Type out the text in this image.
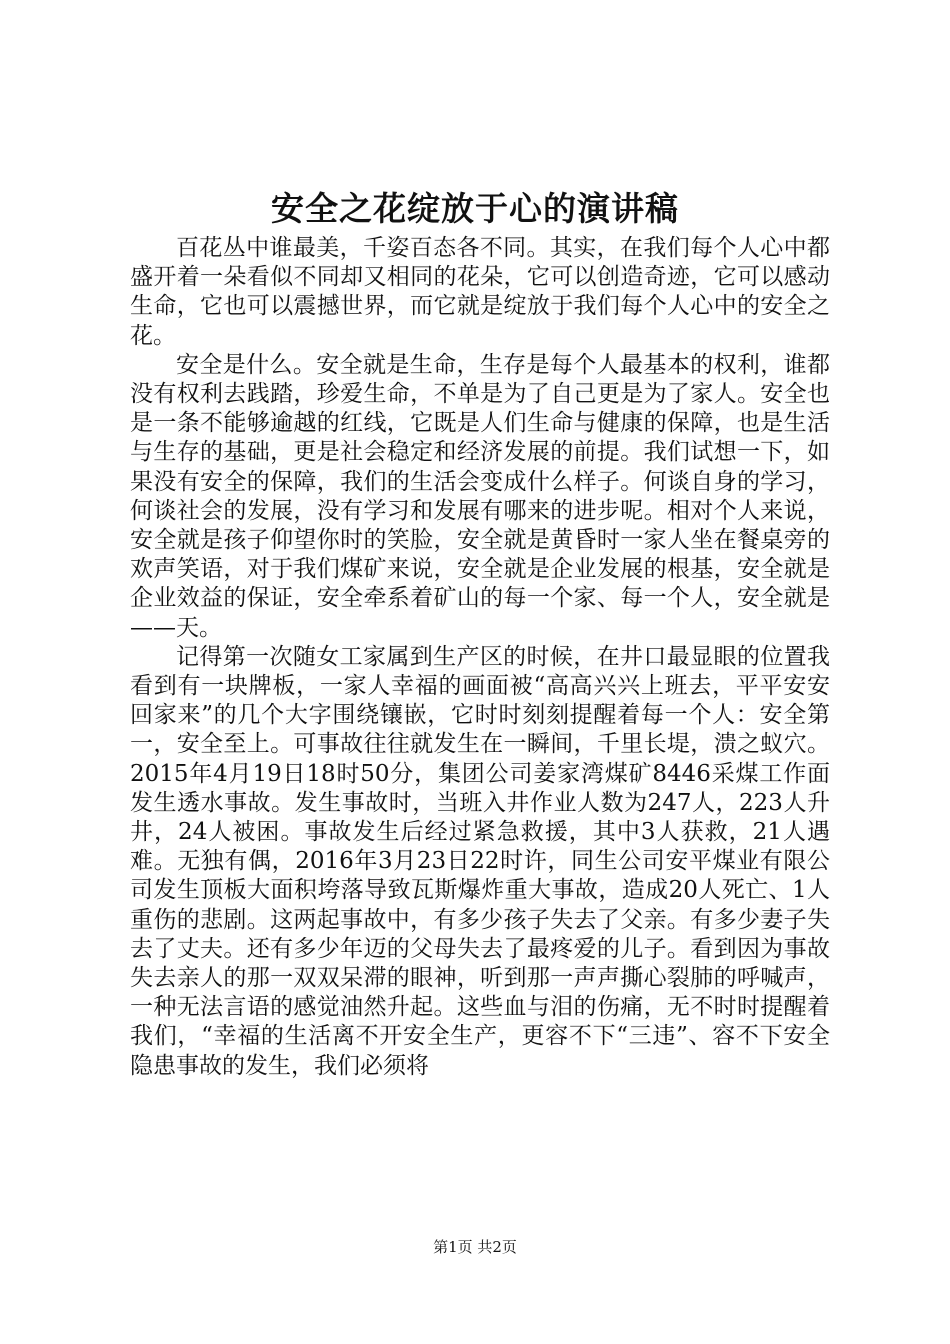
安全之花绽放于心的演讲稿

百花丛中谁最美，千姿百态各不同。其实，在我们每个人心中都盛开着一朵看似不同却又相同的花朵，它可以创造奇迹，它可以感动生命，它也可以震撼世界，而它就是绽放于我们每个人心中的安全之花。

安全是什么。安全就是生命，生存是每个人最基本的权利，谁都没有权利去践踏，珍爱生命，不单是为了自己更是为了家人。安全也是一条不能够逾越的红线，它既是人们生命与健康的保障，也是生活与生存的基础，更是社会稳定和经济发展的前提。我们试想一下，如果没有安全的保障，我们的生活会变成什么样子。何谈自身的学习，何谈社会的发展，没有学习和发展有哪来的进步呢。相对个人来说，安全就是孩子仰望你时的笑脸，安全就是黄昏时一家人坐在餐桌旁的欢声笑语，对于我们煤矿来说，安全就是企业发展的根基，安全就是企业效益的保证，安全牵系着矿山的每一个家、每一个人，安全就是——天。

记得第一次随女工家属到生产区的时候，在井口最显眼的位置我看到有一块牌板，一家人幸福的画面被“高高兴兴上班去，平平安安回家来”的几个大字围绕镶嵌，它时时刻刻提醒着每一个人：安全第一，安全至上。可事故往往就发生在一瞬间，千里长堤，溃之蚁穴。2015年4月19日18时50分，集团公司姜家湾煤矿8446采煤工作面发生透水事故。发生事故时，当班入井作业人数为247人，223人升井，24人被困。事故发生后经过紧急救援，其中3人获救，21人遇难。无独有偶，2016年3月23日22时许，同生公司安平煤业有限公司发生顶板大面积垮落导致瓦斯爆炸重大事故，造成20人死亡、1人重伤的悲剧。这两起事故中，有多少孩子失去了父亲。有多少妻子失去了丈夫。还有多少年迈的父母失去了最疼爱的儿子。看到因为事故失去亲人的那一双双呆滞的眼神，听到那一声声撕心裂肺的呼喊声，一种无法言语的感觉油然升起。这些血与泪的伤痛，无不时时提醒着我们，“幸福的生活离不开安全生产，更容不下“三违”、容不下安全隐患事故的发生，我们必须将

第1页 共2页
